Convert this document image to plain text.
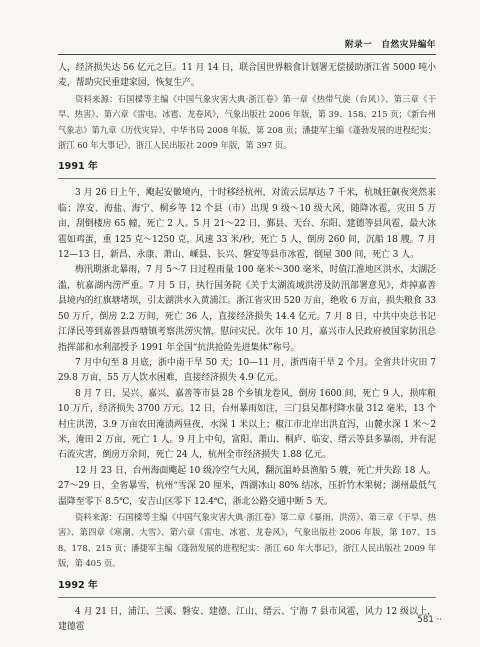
附录一　自然灾异编年

人，经济损失达 56 亿元之巨。11 月 14 日，联合国世界粮食计划署无偿援助浙江省 5000 吨小麦，帮助灾民重建家园，恢复生产。

资料来源：石国樑等主编《中国气象灾害大典·浙江卷》第一章《热带气旋（台风）》、第三章《干旱、热害》、第六章《雷电、冰雹、龙卷风》，气象出版社 2006 年版，第 39、158、215 页；《新台州气象志》第九章《历代灾异》，中华书局 2008 年版，第 208 页；潘捷军主编《蓬勃发展的进程纪实：浙江 60 年大事记》，浙江人民出版社 2009 年版，第 397 页。

1991 年

3 月 26 日上午，飑起安徽境内，十时移经杭州，对流云层厚达 7 千米，杭城狂飙夜突然来临；淳安、海盐、海宁、桐乡等 12 个县（市）出现 9 级～10 级大风，随降冰雹，灾田 5 万亩，刮倒楼房 65 幢，死亡 2 人。5 月 21～22 日，鄞县、天台、东阳、建德等县风雹，最大冰雹如鸡蛋，重 125 克～1250 克，风速 33 米/秒，死亡 5 人，倒房 260 间，沉船 18 艘。7 月 12—13 日，新昌、永康、萧山、嵊县、长兴、磐安等县市冰雹，倒屋 300 间，死亡 3 人。

梅汛期浙北暴雨，7 月 5～7 日过程雨量 100 毫米～300 毫米，时值江淮地区洪水，太湖泛滥，杭嘉湖内涝严重。7 月 5 日，执行国务院《关于太湖流域洪涝及防汛部署意见》，炸掉嘉善县境内的红旗塘堵坝，引太湖洪水入黄浦江。浙江省灾田 520 万亩，绝收 6 万亩，损失粮食 3350 万斤，倒房 2.2 万间，死亡 36 人，直接经济损失 14.4 亿元。7 月 8 日，中共中央总书记江泽民等到嘉善县西塘镇考察洪涝灾情，慰问灾民。次年 10 月，嘉兴市人民政府被国家防汛总指挥部和水利部授予 1991 年全国“抗洪抢险先进集体”称号。

7 月中旬至 8 月底，浙中南干旱 50 天；10—11 月，浙西南干旱 2 个月。全省共计灾田 729.8 万亩，55 万人饮水困难，直接经济损失 4.9 亿元。

8 月 7 日，吴兴、嘉兴、嘉善等市县 28 个乡镇龙卷风，倒房 1600 间，死亡 9 人，损库粮 10 万斤，经济损失 3700 万元。12 日，台州暴雨如注，三门县吴都村降水量 312 毫米，13 个村庄洪涝，3.9 万亩农田淹渍两昼夜，水深 1 米以上；椒江市北岸出洪直泻，山麓水深 1 米～2 米，淹田 2 万亩，死亡 1 人。9 月上中旬，富阳、萧山、桐庐、临安、缙云等县多暴雨，并有泥石流灾害，倒房万余间，死亡 24 人，杭州全市经济损失 1.88 亿元。

12 月 23 日，台州海面飑起 10 级冷空气大风，翻沉温岭县渔船 5 艘，死亡并失踪 18 人。27～29 日，全省暴雪，杭州“雪深 20 厘米，西湖冰山 80% 结冰，压折竹木果树；湖州最低气温降至零下 8.5℃，安吉山区零下 12.4℃，浙北公路交通中断 5 天。

资料来源：石国樑等主编《中国气象灾害大典·浙江卷》第二章《暴雨、洪涝》、第三章《干旱、热害》、第四章《寒潮、大雪》、第六章《雷电、冰雹、龙卷风》，气象出版社 2006 年版，第 107、158、178、215 页；潘捷军主编《蓬勃发展的进程纪实：浙江 60 年大事记》，浙江人民出版社 2009 年版，第 405 页。

1992 年

4 月 21 日，浦江、兰溪、磐安、建德、江山、缙云、宁海 7 县市风雹，风力 12 级以上，建德雹

581 ··
